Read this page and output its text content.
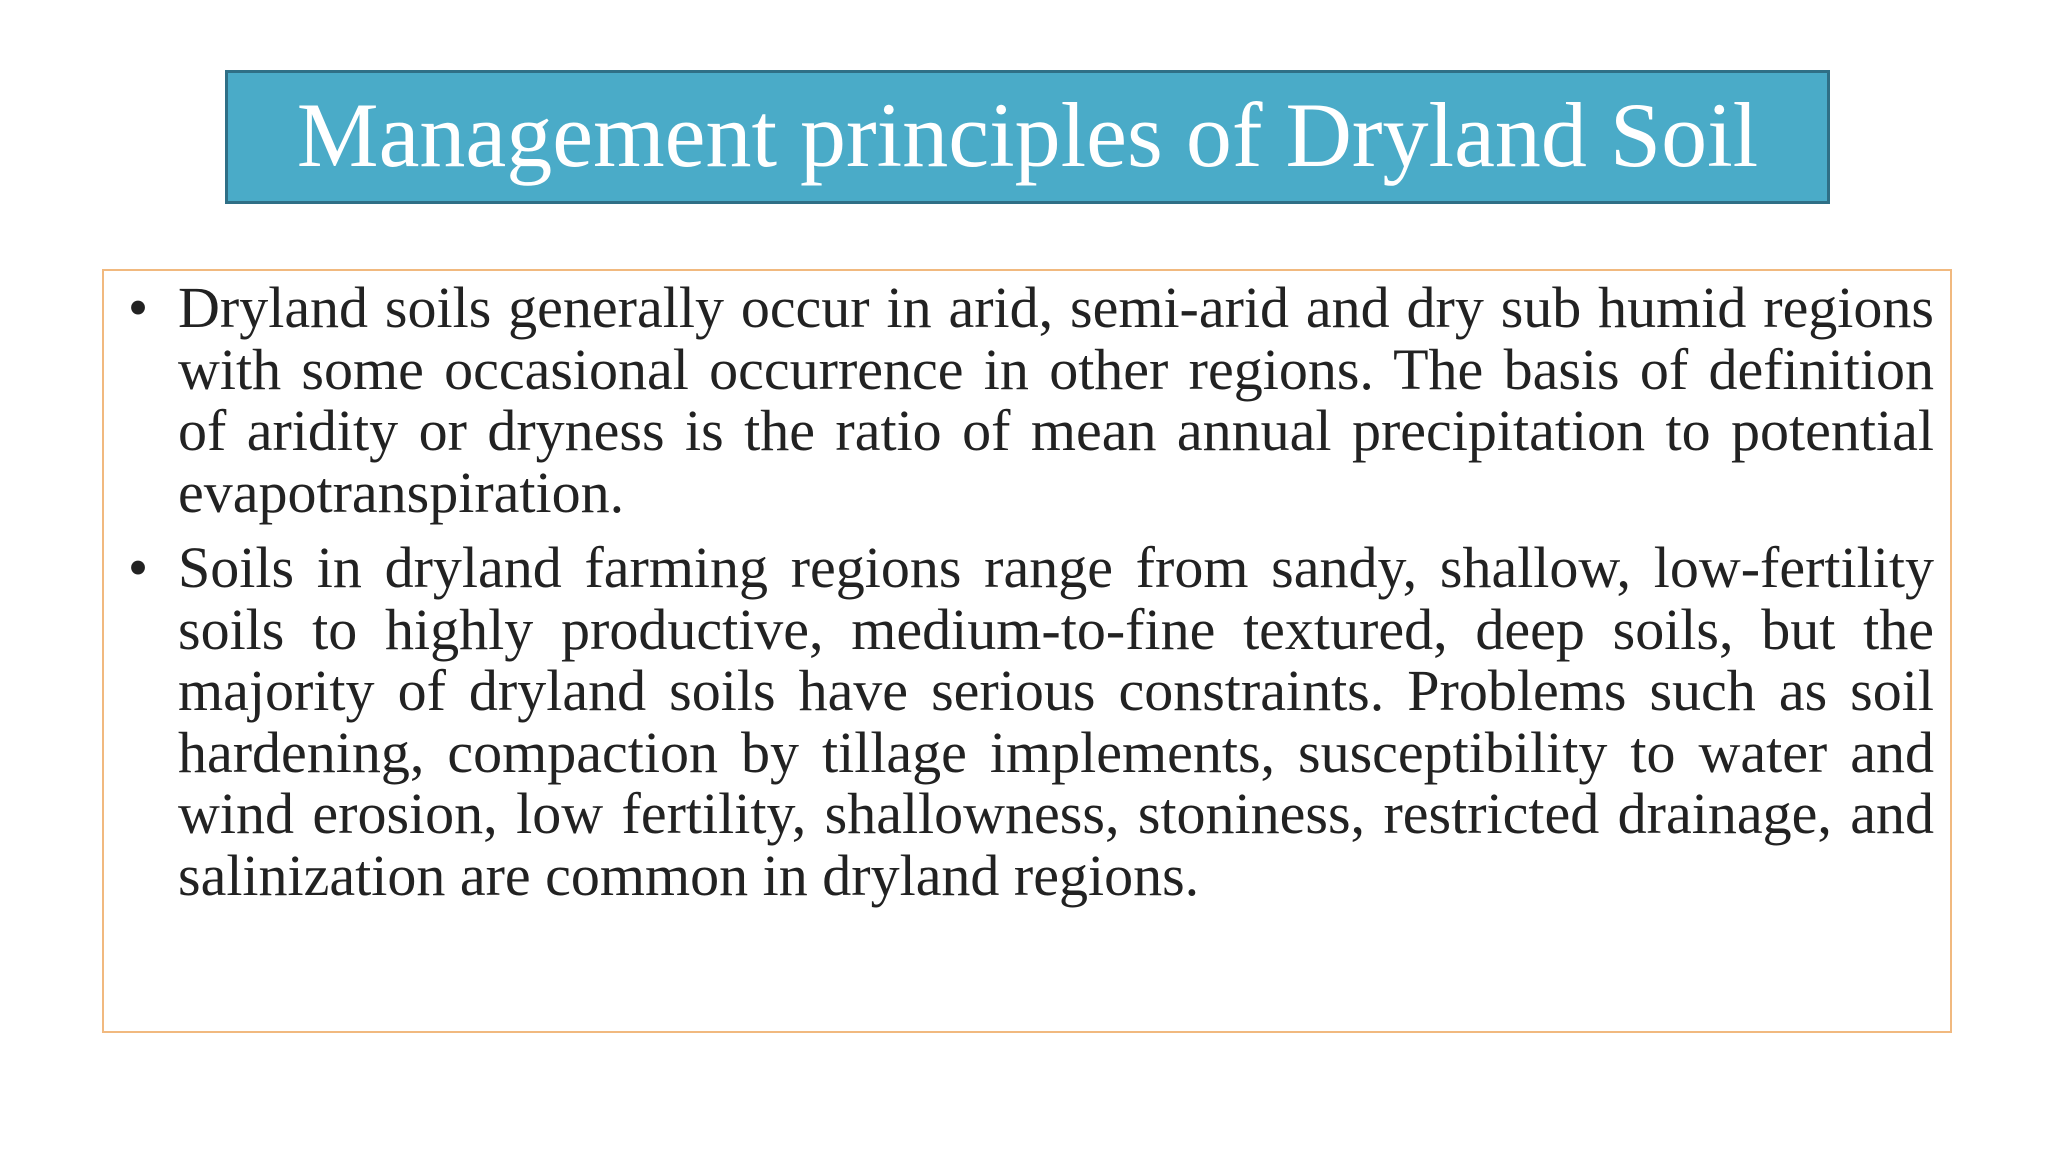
Management principles of Dryland Soil
• Dryland soils generally occur in arid, semi-arid and dry sub humid regions with some occasional occurrence in other regions. The basis of definition of aridity or dryness is the ratio of mean annual precipitation to potential evapotranspiration.
• Soils in dryland farming regions range from sandy, shallow, low-fertility soils to highly productive, medium-to-fine textured, deep soils, but the majority of dryland soils have serious constraints. Problems such as soil hardening, compaction by tillage implements, susceptibility to water and wind erosion, low fertility, shallowness, stoniness, restricted drainage, and salinization are common in dryland regions.
